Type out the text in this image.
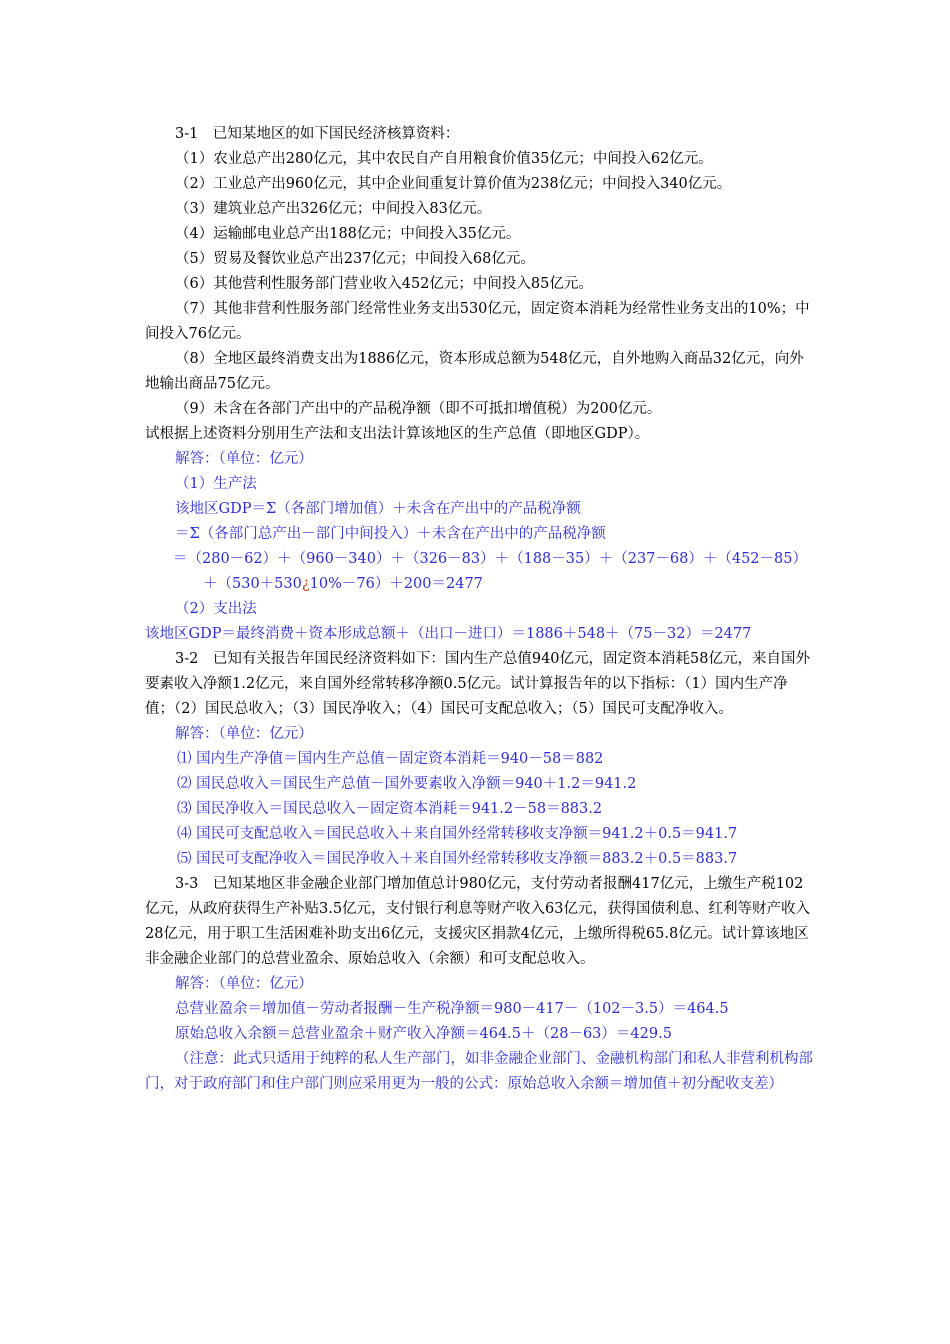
3-1　已知某地区的如下国民经济核算资料：

（1）农业总产出280亿元，其中农民自产自用粮食价值35亿元；中间投入62亿元。

（2）工业总产出960亿元，其中企业间重复计算价值为238亿元；中间投入340亿元。

（3）建筑业总产出326亿元；中间投入83亿元。

（4）运输邮电业总产出188亿元；中间投入35亿元。

（5）贸易及餐饮业总产出237亿元；中间投入68亿元。

（6）其他营利性服务部门营业收入452亿元；中间投入85亿元。

（7）其他非营利性服务部门经常性业务支出530亿元，固定资本消耗为经常性业务支出的10%；中间投入76亿元。

（8）全地区最终消费支出为1886亿元，资本形成总额为548亿元，自外地购入商品32亿元，向外地输出商品75亿元。

（9）未含在各部门产出中的产品税净额（即不可抵扣增值税）为200亿元。

试根据上述资料分别用生产法和支出法计算该地区的生产总值（即地区GDP）。

解答：（单位：亿元）

（1）生产法

该地区GDP＝Σ（各部门增加值）＋未含在产出中的产品税净额

＝Σ（各部门总产出－部门中间投入）＋未含在产出中的产品税净额

＝（280－62）＋（960－340）＋（326－83）＋（188－35）＋（237－68）＋（452－85）＋（530＋530¿10%－76）＋200＝2477

（2）支出法

该地区GDP＝最终消费＋资本形成总额＋（出口－进口）＝1886＋548＋（75－32）＝2477

3-2　已知有关报告年国民经济资料如下：国内生产总值940亿元，固定资本消耗58亿元，来自国外要素收入净额1.2亿元，来自国外经常转移净额0.5亿元。试计算报告年的以下指标：（1）国内生产净值；（2）国民总收入；（3）国民净收入；（4）国民可支配总收入；（5）国民可支配净收入。

解答：（单位：亿元）

⑴ 国内生产净值＝国内生产总值－固定资本消耗＝940－58＝882

⑵ 国民总收入＝国民生产总值－国外要素收入净额＝940＋1.2＝941.2

⑶ 国民净收入＝国民总收入－固定资本消耗＝941.2－58＝883.2

⑷ 国民可支配总收入＝国民总收入＋来自国外经常转移收支净额＝941.2＋0.5＝941.7

⑸ 国民可支配净收入＝国民净收入＋来自国外经常转移收支净额＝883.2＋0.5＝883.7

3-3　已知某地区非金融企业部门增加值总计980亿元，支付劳动者报酬417亿元，上缴生产税102亿元，从政府获得生产补贴3.5亿元，支付银行利息等财产收入63亿元，获得国债利息、红利等财产收入28亿元，用于职工生活困难补助支出6亿元，支援灾区捐款4亿元，上缴所得税65.8亿元。试计算该地区非金融企业部门的总营业盈余、原始总收入（余额）和可支配总收入。

解答：（单位：亿元）

总营业盈余＝增加值－劳动者报酬－生产税净额＝980－417－（102－3.5）＝464.5

原始总收入余额＝总营业盈余＋财产收入净额＝464.5＋（28－63）＝429.5

（注意：此式只适用于纯粹的私人生产部门，如非金融企业部门、金融机构部门和私人非营利机构部门，对于政府部门和住户部门则应采用更为一般的公式：原始总收入余额＝增加值＋初分配收支差）
